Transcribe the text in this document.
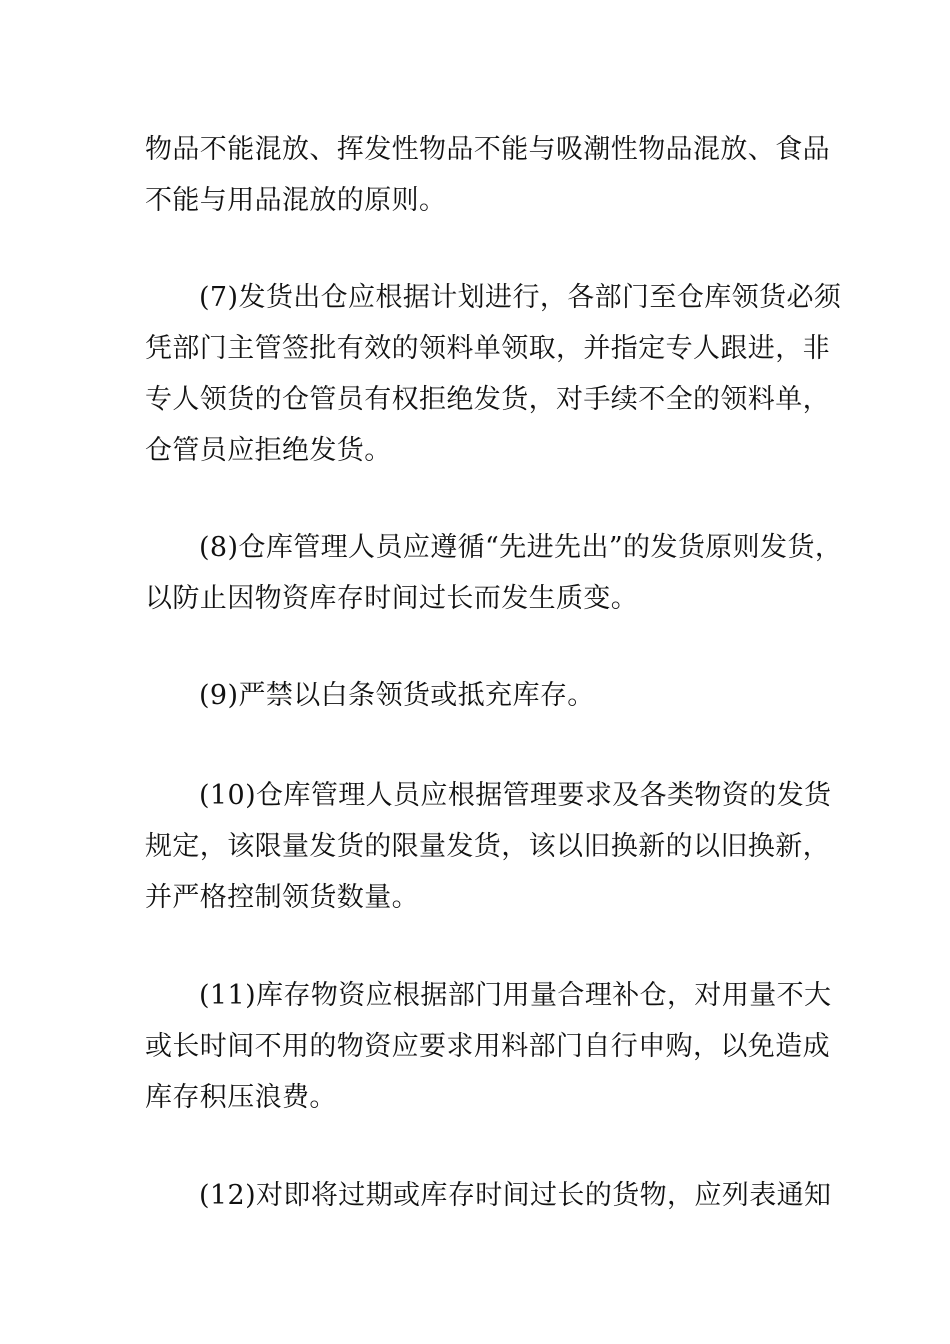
物品不能混放、挥发性物品不能与吸潮性物品混放、食品
不能与用品混放的原则。
(7)发货出仓应根据计划进行，各部门至仓库领货必须
凭部门主管签批有效的领料单领取，并指定专人跟进，非
专人领货的仓管员有权拒绝发货，对手续不全的领料单，
仓管员应拒绝发货。
(8)仓库管理人员应遵循“先进先出”的发货原则发货，
以防止因物资库存时间过长而发生质变。
(9)严禁以白条领货或抵充库存。
(10)仓库管理人员应根据管理要求及各类物资的发货
规定，该限量发货的限量发货，该以旧换新的以旧换新，
并严格控制领货数量。
(11)库存物资应根据部门用量合理补仓，对用量不大
或长时间不用的物资应要求用料部门自行申购，以免造成
库存积压浪费。
(12)对即将过期或库存时间过长的货物，应列表通知
